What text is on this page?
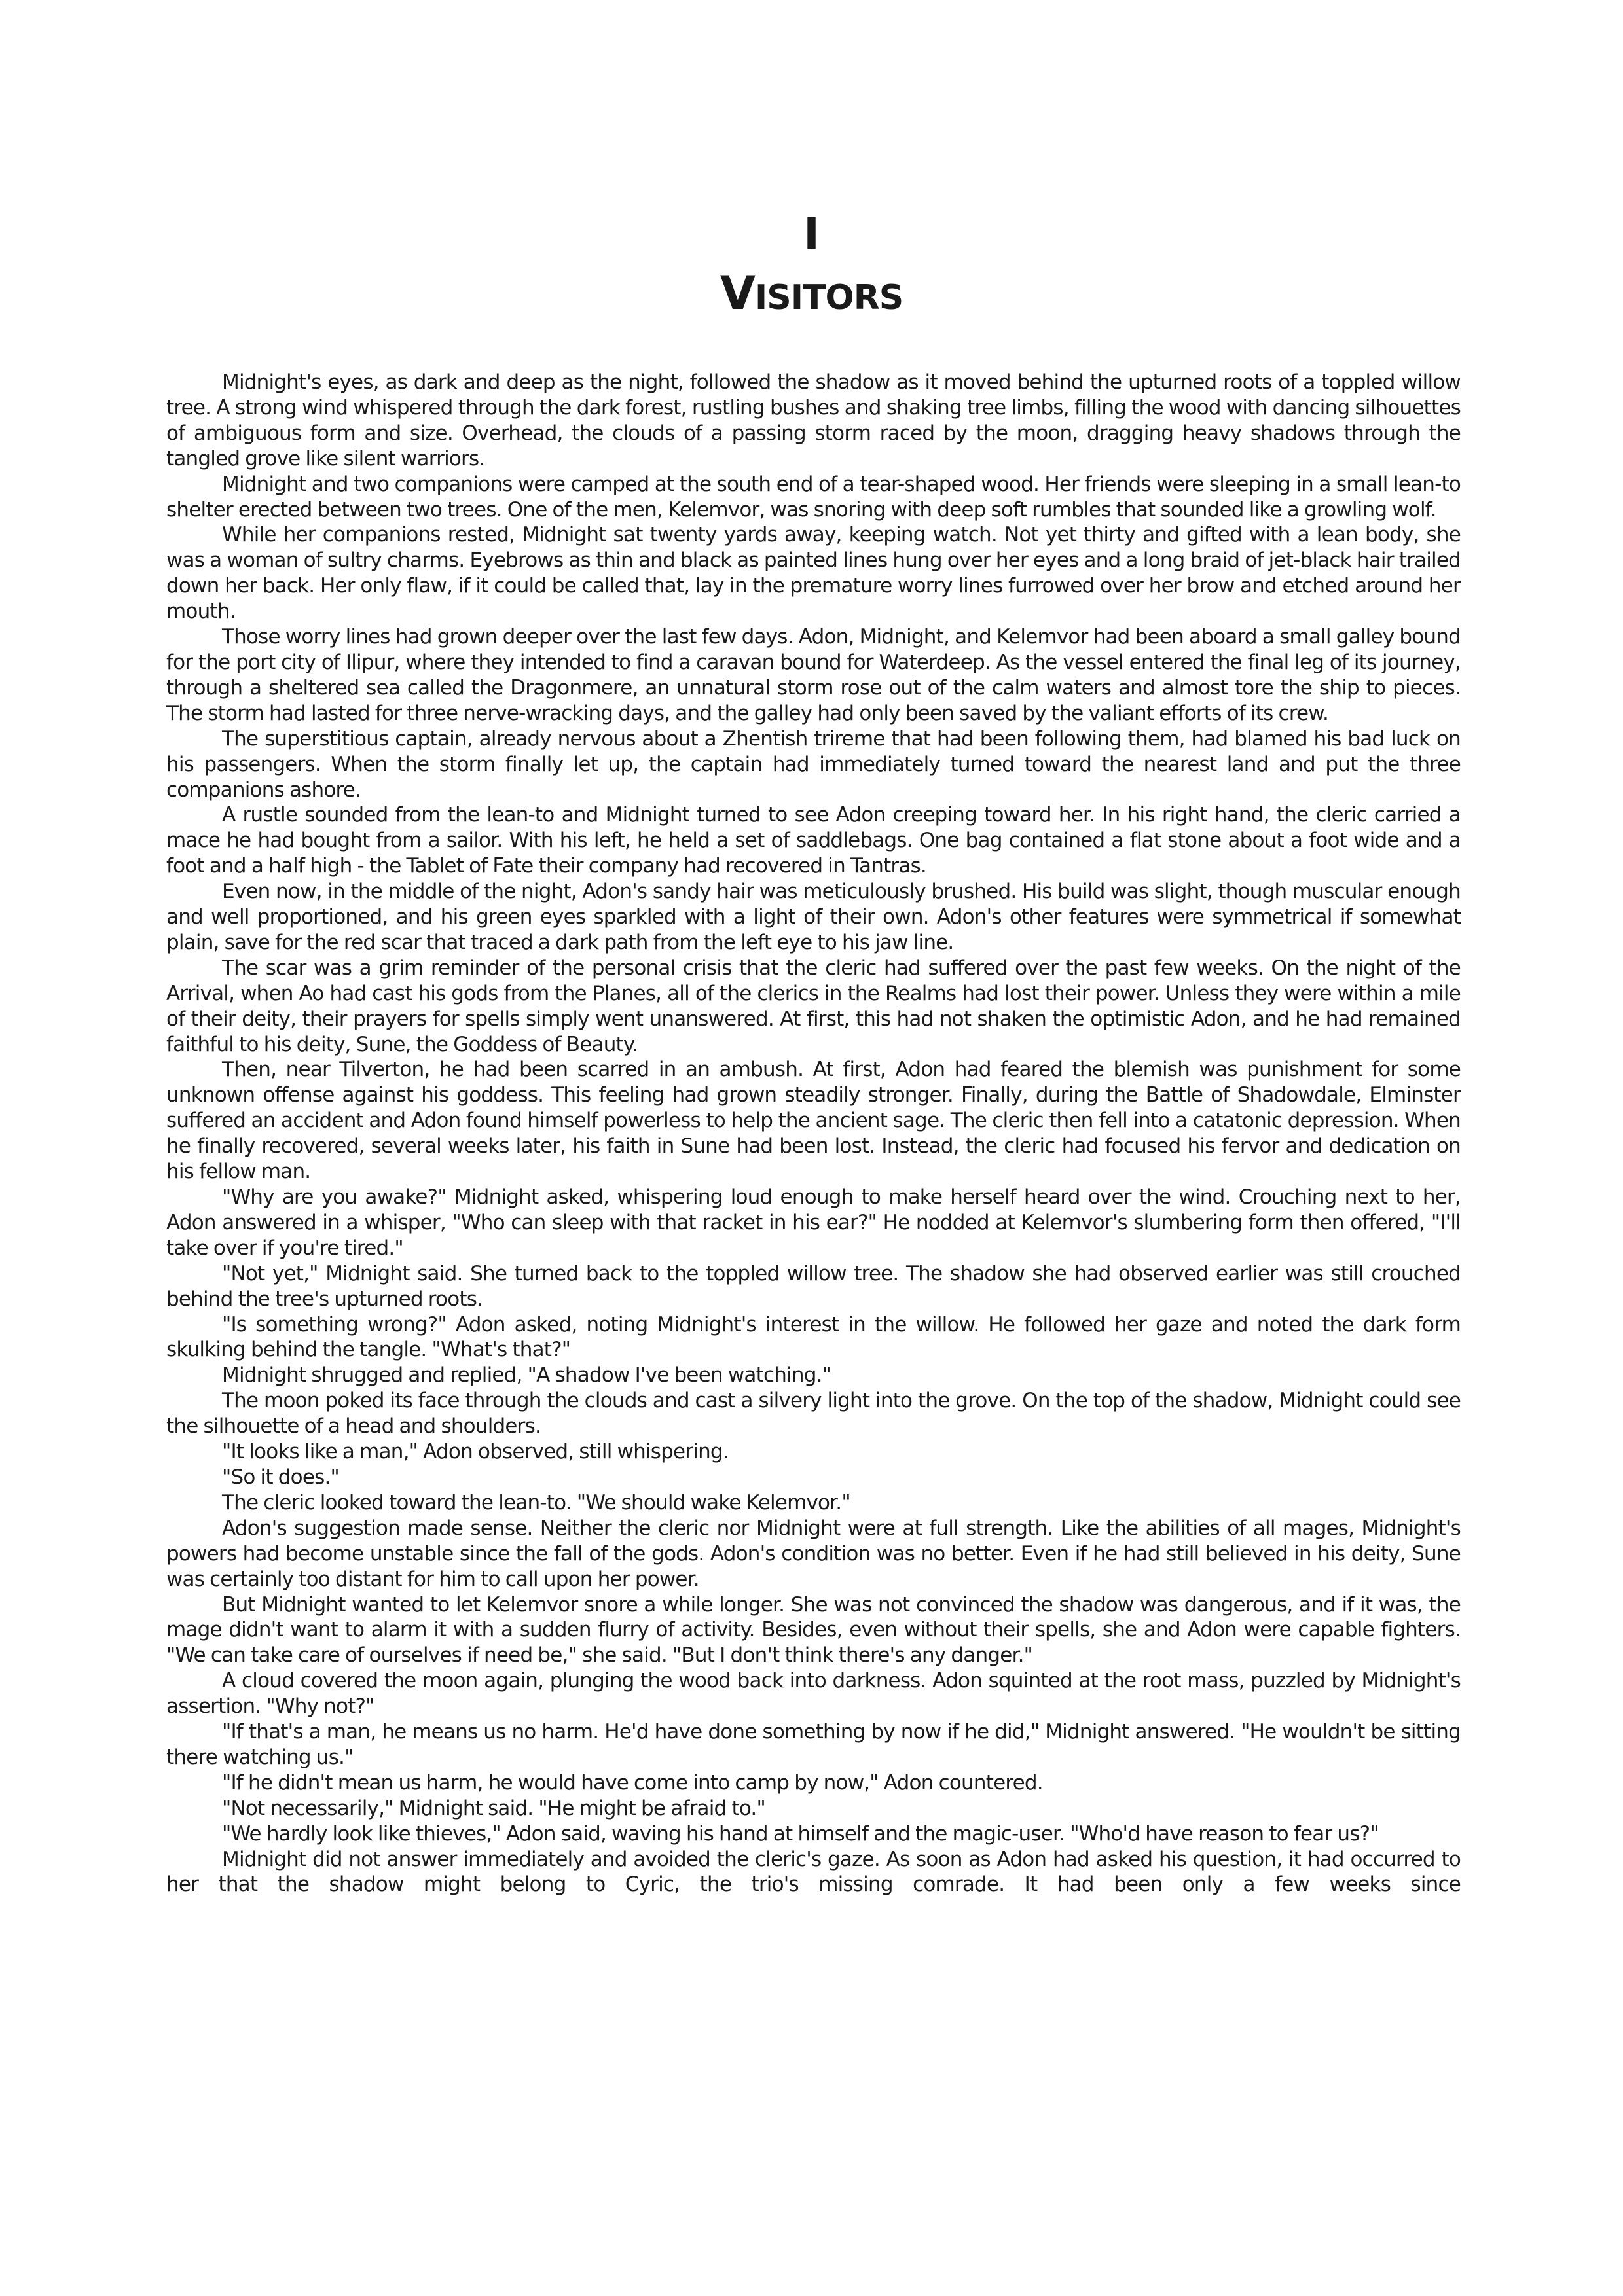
I
VISITORS

Midnight's eyes, as dark and deep as the night, followed the shadow as it moved behind the upturned roots of a toppled willow tree. A strong wind whispered through the dark forest, rustling bushes and shaking tree limbs, filling the wood with dancing silhouettes of ambiguous form and size. Overhead, the clouds of a passing storm raced by the moon, dragging heavy shadows through the tangled grove like silent warriors.

Midnight and two companions were camped at the south end of a tear-shaped wood. Her friends were sleeping in a small lean-to shelter erected between two trees. One of the men, Kelemvor, was snoring with deep soft rumbles that sounded like a growling wolf.

While her companions rested, Midnight sat twenty yards away, keeping watch. Not yet thirty and gifted with a lean body, she was a woman of sultry charms. Eyebrows as thin and black as painted lines hung over her eyes and a long braid of jet-black hair trailed down her back. Her only flaw, if it could be called that, lay in the premature worry lines furrowed over her brow and etched around her mouth.

Those worry lines had grown deeper over the last few days. Adon, Midnight, and Kelemvor had been aboard a small galley bound for the port city of Ilipur, where they intended to find a caravan bound for Waterdeep. As the vessel entered the final leg of its journey, through a sheltered sea called the Dragonmere, an unnatural storm rose out of the calm waters and almost tore the ship to pieces. The storm had lasted for three nerve-wracking days, and the galley had only been saved by the valiant efforts of its crew.

The superstitious captain, already nervous about a Zhentish trireme that had been following them, had blamed his bad luck on his passengers. When the storm finally let up, the captain had immediately turned toward the nearest land and put the three companions ashore.

A rustle sounded from the lean-to and Midnight turned to see Adon creeping toward her. In his right hand, the cleric carried a mace he had bought from a sailor. With his left, he held a set of saddlebags. One bag contained a flat stone about a foot wide and a foot and a half high - the Tablet of Fate their company had recovered in Tantras.

Even now, in the middle of the night, Adon's sandy hair was meticulously brushed. His build was slight, though muscular enough and well proportioned, and his green eyes sparkled with a light of their own. Adon's other features were symmetrical if somewhat plain, save for the red scar that traced a dark path from the left eye to his jaw line.

The scar was a grim reminder of the personal crisis that the cleric had suffered over the past few weeks. On the night of the Arrival, when Ao had cast his gods from the Planes, all of the clerics in the Realms had lost their power. Unless they were within a mile of their deity, their prayers for spells simply went unanswered. At first, this had not shaken the optimistic Adon, and he had remained faithful to his deity, Sune, the Goddess of Beauty.

Then, near Tilverton, he had been scarred in an ambush. At first, Adon had feared the blemish was punishment for some unknown offense against his goddess. This feeling had grown steadily stronger. Finally, during the Battle of Shadowdale, Elminster suffered an accident and Adon found himself powerless to help the ancient sage. The cleric then fell into a catatonic depression. When he finally recovered, several weeks later, his faith in Sune had been lost. Instead, the cleric had focused his fervor and dedication on his fellow man.

"Why are you awake?" Midnight asked, whispering loud enough to make herself heard over the wind. Crouching next to her, Adon answered in a whisper, "Who can sleep with that racket in his ear?" He nodded at Kelemvor's slumbering form then offered, "I'll take over if you're tired."

"Not yet," Midnight said. She turned back to the toppled willow tree. The shadow she had observed earlier was still crouched behind the tree's upturned roots.

"Is something wrong?" Adon asked, noting Midnight's interest in the willow. He followed her gaze and noted the dark form skulking behind the tangle. "What's that?"

Midnight shrugged and replied, "A shadow I've been watching."

The moon poked its face through the clouds and cast a silvery light into the grove. On the top of the shadow, Midnight could see the silhouette of a head and shoulders.

"It looks like a man," Adon observed, still whispering.

"So it does."

The cleric looked toward the lean-to. "We should wake Kelemvor."

Adon's suggestion made sense. Neither the cleric nor Midnight were at full strength. Like the abilities of all mages, Midnight's powers had become unstable since the fall of the gods. Adon's condition was no better. Even if he had still believed in his deity, Sune was certainly too distant for him to call upon her power.

But Midnight wanted to let Kelemvor snore a while longer. She was not convinced the shadow was dangerous, and if it was, the mage didn't want to alarm it with a sudden flurry of activity. Besides, even without their spells, she and Adon were capable fighters. "We can take care of ourselves if need be," she said. "But I don't think there's any danger."

A cloud covered the moon again, plunging the wood back into darkness. Adon squinted at the root mass, puzzled by Midnight's assertion. "Why not?"

"If that's a man, he means us no harm. He'd have done something by now if he did," Midnight answered. "He wouldn't be sitting there watching us."

"If he didn't mean us harm, he would have come into camp by now," Adon countered.

"Not necessarily," Midnight said. "He might be afraid to."

"We hardly look like thieves," Adon said, waving his hand at himself and the magic-user. "Who'd have reason to fear us?"

Midnight did not answer immediately and avoided the cleric's gaze. As soon as Adon had asked his question, it had occurred to her that the shadow might belong to Cyric, the trio's missing comrade. It had been only a few weeks since
